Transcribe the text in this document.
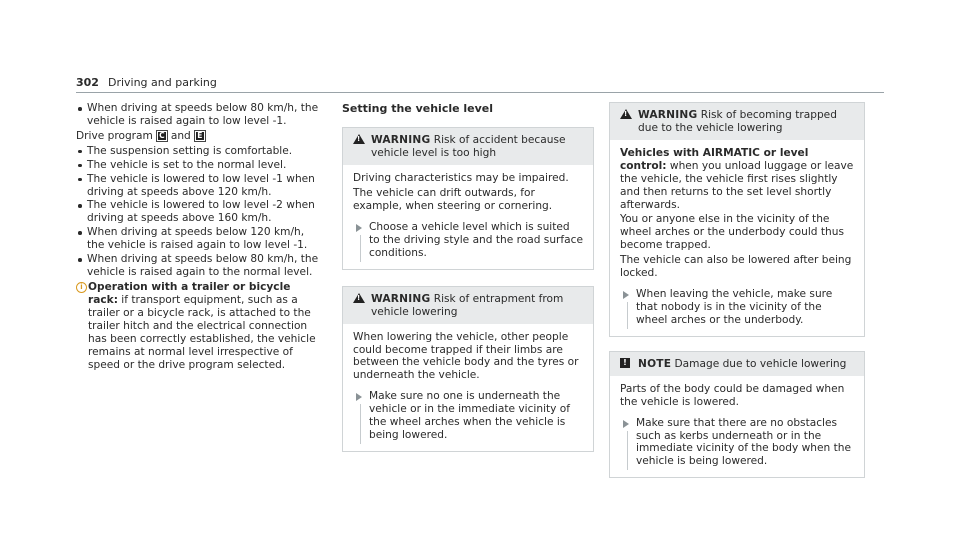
302 Driving and parking
When driving at speeds below 80 km/h, the vehicle is raised again to low level -1.
Drive program C and E
The suspension setting is comfortable.
The vehicle is set to the normal level.
The vehicle is lowered to low level -1 when driving at speeds above 120 km/h.
The vehicle is lowered to low level -2 when driving at speeds above 160 km/h.
When driving at speeds below 120 km/h, the vehicle is raised again to low level -1.
When driving at speeds below 80 km/h, the vehicle is raised again to the normal level.
i Operation with a trailer or bicycle rack: if transport equipment, such as a trailer or a bicycle rack, is attached to the trailer hitch and the electrical connection has been correctly established, the vehicle remains at normal level irrespective of speed or the drive program selected.
Setting the vehicle level
!
WARNING Risk of accident because vehicle level is too high

Driving characteristics may be impaired.

The vehicle can drift outwards, for example, when steering or cornering.

Choose a vehicle level which is suited to the driving style and the road surface conditions.
!
WARNING Risk of entrapment from vehicle lowering

When lowering the vehicle, other people could become trapped if their limbs are between the vehicle body and the tyres or underneath the vehicle.

Make sure no one is underneath the vehicle or in the immediate vicinity of the wheel arches when the vehicle is being lowered.
!
WARNING Risk of becoming trapped due to the vehicle lowering

Vehicles with AIRMATIC or level control: when you unload luggage or leave the vehicle, the vehicle first rises slightly and then returns to the set level shortly afterwards.

You or anyone else in the vicinity of the wheel arches or the underbody could thus become trapped.

The vehicle can also be lowered after being locked.

When leaving the vehicle, make sure that nobody is in the vicinity of the wheel arches or the underbody.
! NOTE Damage due to vehicle lowering

Parts of the body could be damaged when the vehicle is lowered.

Make sure that there are no obstacles such as kerbs underneath or in the immediate vicinity of the body when the vehicle is being lowered.
